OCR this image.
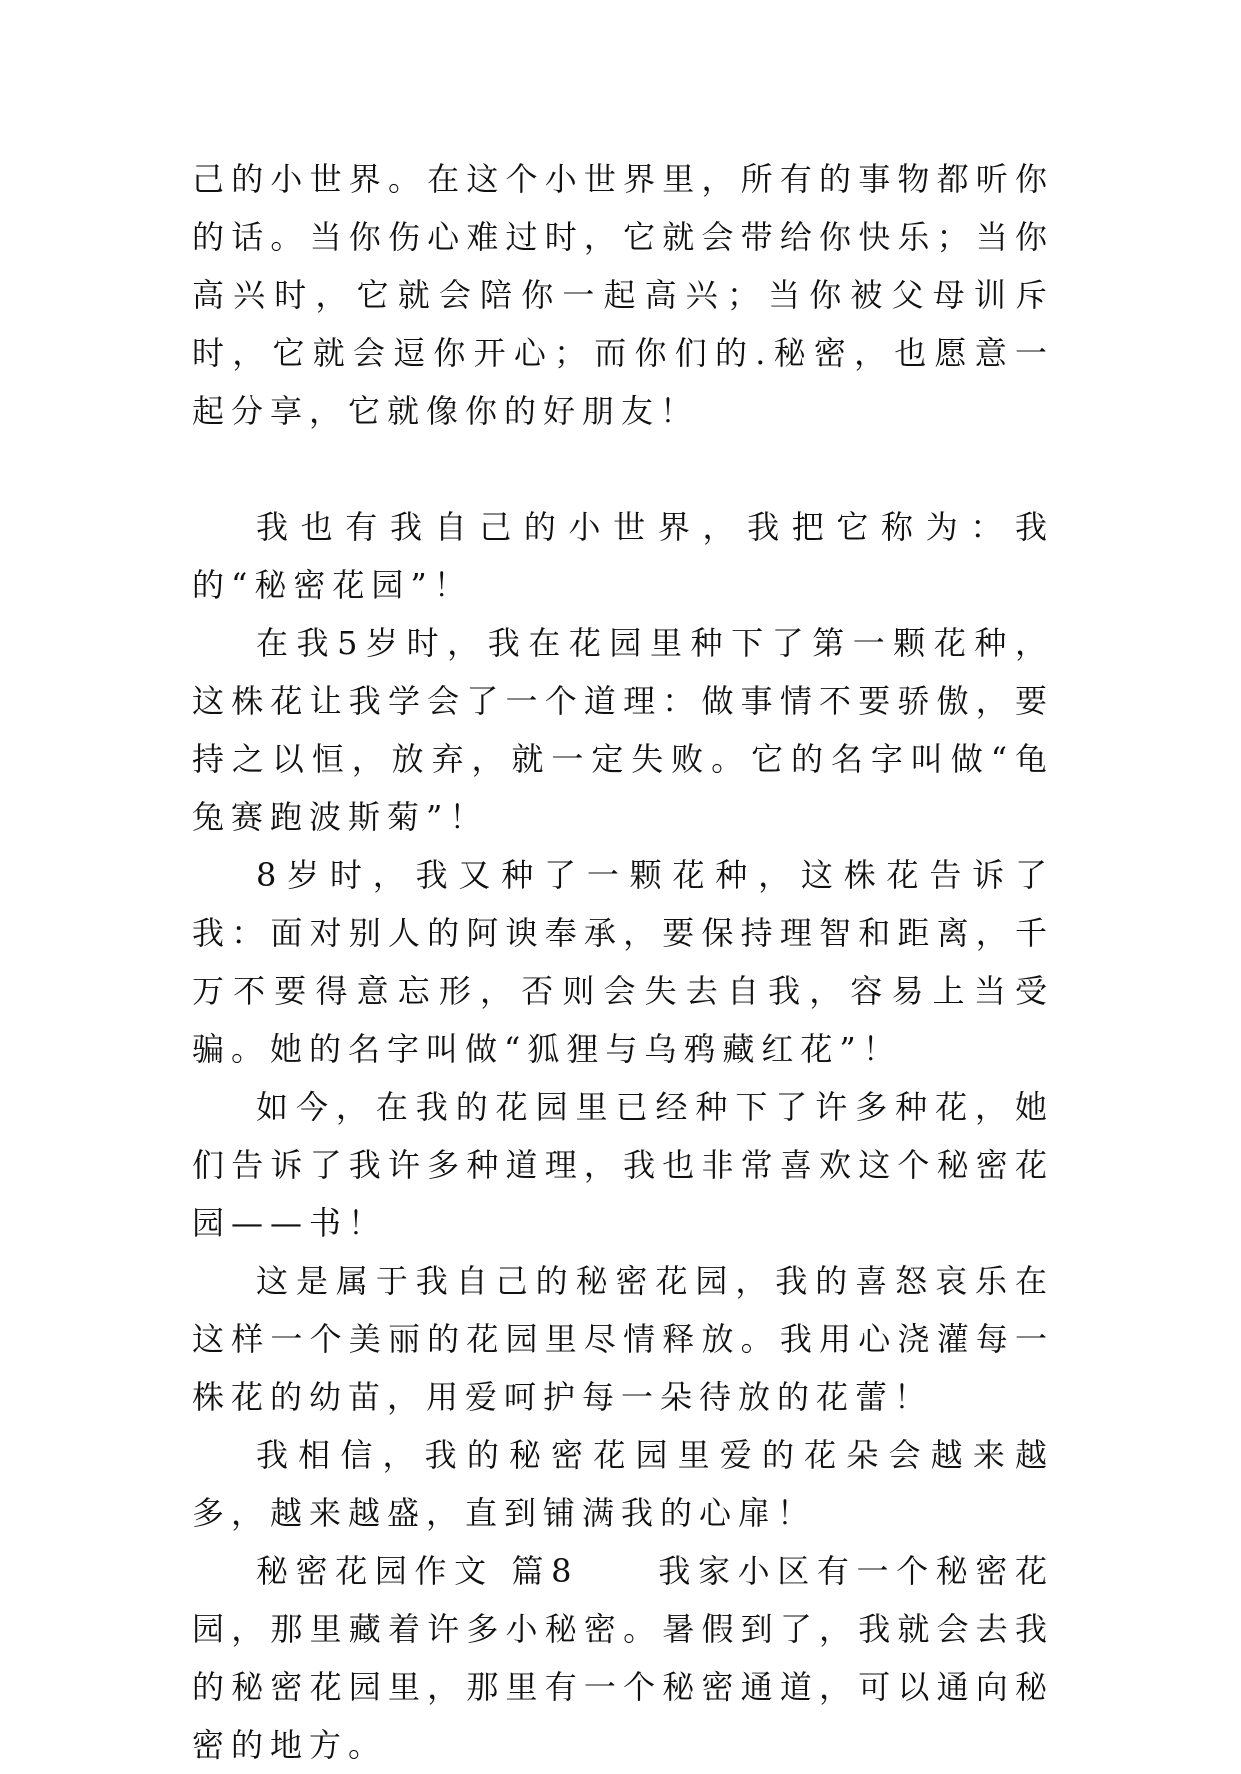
己的小世界。在这个小世界里，所有的事物都听你的话。当你伤心难过时，它就会带给你快乐；当你高兴时，它就会陪你一起高兴；当你被父母训斥时，它就会逗你开心；而你们的.秘密，也愿意一起分享，它就像你的好朋友！

我也有我自己的小世界，我把它称为：我的“秘密花园”！

在我5岁时，我在花园里种下了第一颗花种，这株花让我学会了一个道理：做事情不要骄傲，要持之以恒，放弃，就一定失败。它的名字叫做“龟兔赛跑波斯菊”！

8岁时，我又种了一颗花种，这株花告诉了我：面对别人的阿谀奉承，要保持理智和距离，千万不要得意忘形，否则会失去自我，容易上当受骗。她的名字叫做“狐狸与乌鸦藏红花”！

如今，在我的花园里已经种下了许多种花，她们告诉了我许多种道理，我也非常喜欢这个秘密花园——书！

这是属于我自己的秘密花园，我的喜怒哀乐在这样一个美丽的花园里尽情释放。我用心浇灌每一株花的幼苗，用爱呵护每一朵待放的花蕾！

我相信，我的秘密花园里爱的花朵会越来越多，越来越盛，直到铺满我的心扉！

秘密花园作文 篇8　　我家小区有一个秘密花园，那里藏着许多小秘密。暑假到了，我就会去我的秘密花园里，那里有一个秘密通道，可以通向秘密的地方。
